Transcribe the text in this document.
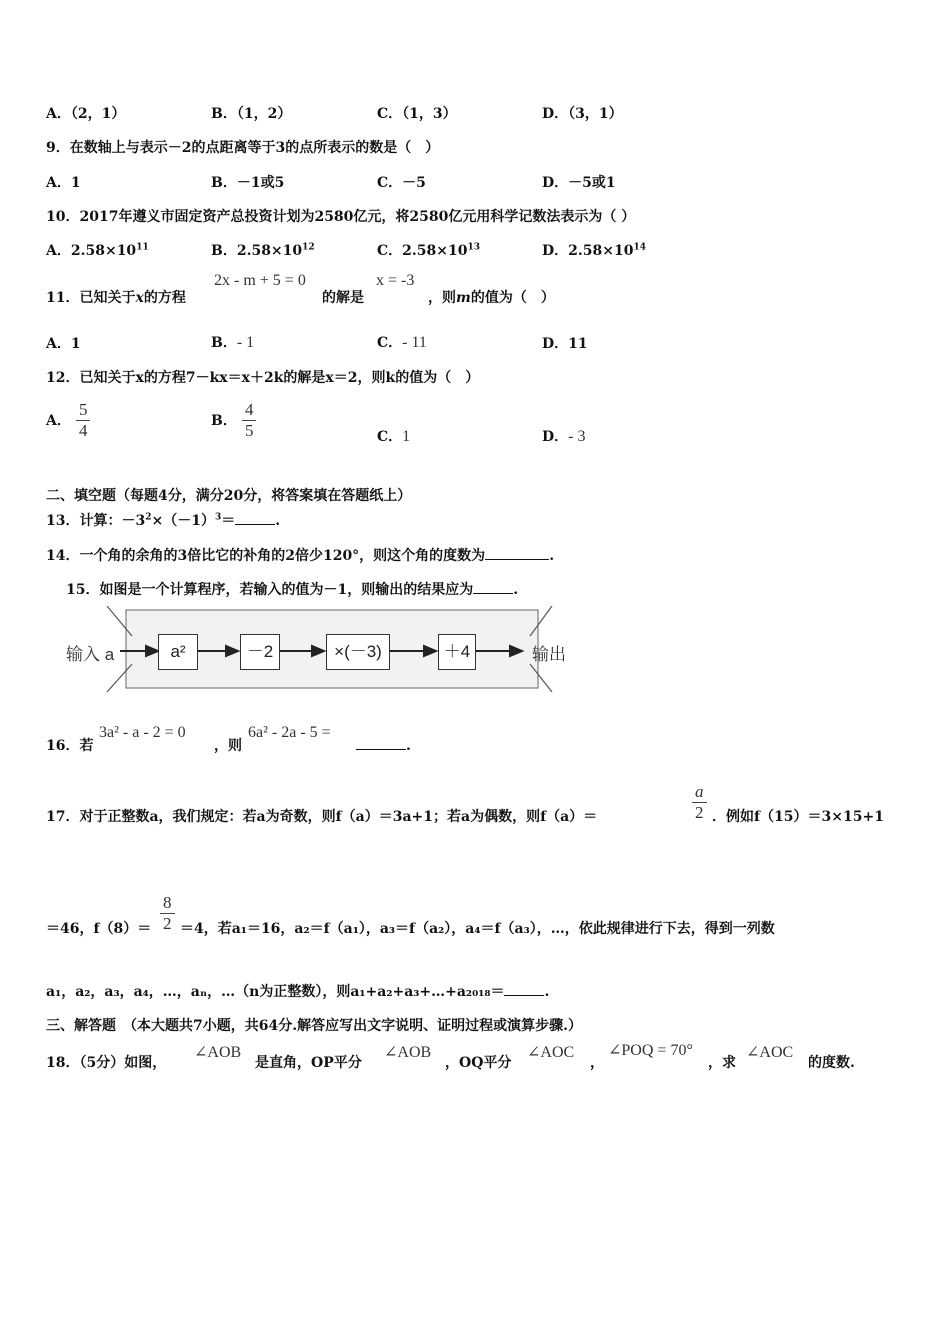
A．（2，1）	B．（1，2）	C．（1，3）	D．（3，1）
9．在数轴上与表示－2的点距离等于3的点所表示的数是（　）
A．1	B．－1或5	C．－5	D．－5或1
10．2017年遵义市固定资产总投资计划为2580亿元，将2580亿元用科学记数法表示为（ ）
A．$2.58\times 10^{11}$	B．$2.58\times 10^{12}$	C．$2.58\times 10^{13}$	D．$2.58\times 10^{14}$
11．已知关于x的方程
2x - m + 5 = 0
的解是
x = -3
，则m的值为（　）
A．1	B．- 1	C．- 11	D．11
12．已知关于x的方程7－kx＝x＋2k的解是x＝2，则k的值为（　）
A． $\frac{5}{4}$	B． $\frac{4}{5}$	C．1	D．- 3
二、填空题（每题4分，满分20分，将答案填在答题纸上）
13．计算：$-3^2\times(-1)^3=$	.
14．一个角的余角的3倍比它的补角的2倍少120°，则这个角的度数为	.
15．如图是一个计算程序，若输入的值为－1，则输出的结果应为	.
输入 a	a²	－2	×(－3)	＋4	输出
16．若
3a² - a - 2 = 0
，则
6a² - 2a - 5 =
.
17．对于正整数a，我们规定：若a为奇数，则f（a）＝3a+1；若a为偶数，则f（a）＝	$\frac{a}{2}$ ．例如f（15）＝3×15+1
＝46，$f(8)= \frac{8}{2} =4$，若a₁＝16，a₂＝f（a₁），a₃＝f（a₂），a₄＝f（a₃），…，依此规律进行下去，得到一列数
a₁，a₂，a₃，a₄，…，aₙ，…（n为正整数），则a₁+a₂+a₃+…+a₂₀₁₈＝	.
三、解答题　（本大题共7小题，共64分.解答应写出文字说明、证明过程或演算步骤.）
18．（5分）如图，
∠AOB
是直角，OP平分
∠AOB
，OQ平分
∠AOC
，
∠POQ = 70°
，求
∠AOC
的度数.
